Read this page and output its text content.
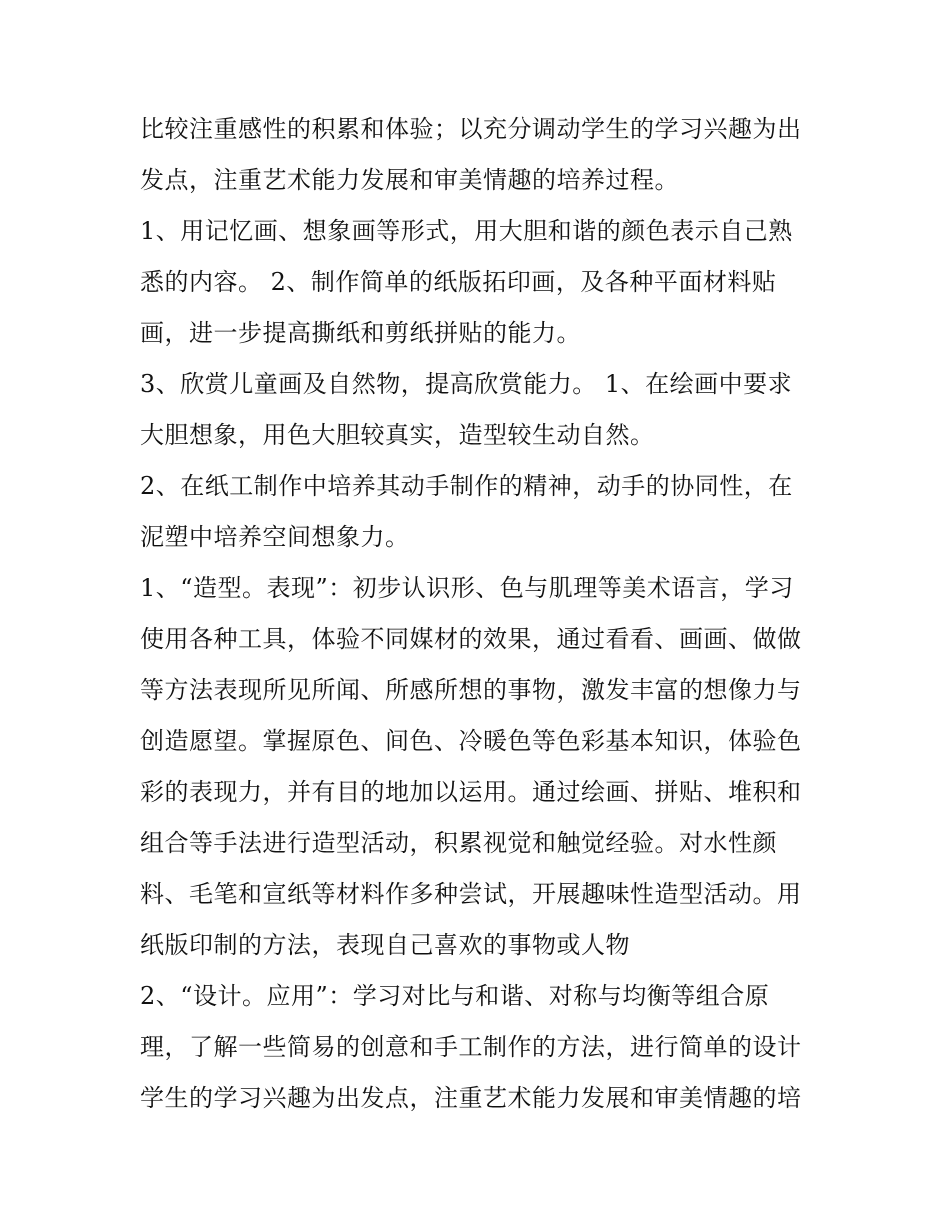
比较注重感性的积累和体验；以充分调动学生的学习兴趣为出
发点，注重艺术能力发展和审美情趣的培养过程。
1、用记忆画、想象画等形式，用大胆和谐的颜色表示自己熟
悉的内容。 2、制作简单的纸版拓印画，及各种平面材料贴
画，进一步提高撕纸和剪纸拼贴的能力。
3、欣赏儿童画及自然物，提高欣赏能力。 1、在绘画中要求
大胆想象，用色大胆较真实，造型较生动自然。
2、在纸工制作中培养其动手制作的精神，动手的协同性，在
泥塑中培养空间想象力。
1、“造型。表现”：初步认识形、色与肌理等美术语言，学习
使用各种工具，体验不同媒材的效果，通过看看、画画、做做
等方法表现所见所闻、所感所想的事物，激发丰富的想像力与
创造愿望。掌握原色、间色、冷暖色等色彩基本知识，体验色
彩的表现力，并有目的地加以运用。通过绘画、拼贴、堆积和
组合等手法进行造型活动，积累视觉和触觉经验。对水性颜
料、毛笔和宣纸等材料作多种尝试，开展趣味性造型活动。用
纸版印制的方法，表现自己喜欢的事物或人物
2、“设计。应用”：学习对比与和谐、对称与均衡等组合原
理，了解一些简易的创意和手工制作的方法，进行简单的设计
学生的学习兴趣为出发点，注重艺术能力发展和审美情趣的培
